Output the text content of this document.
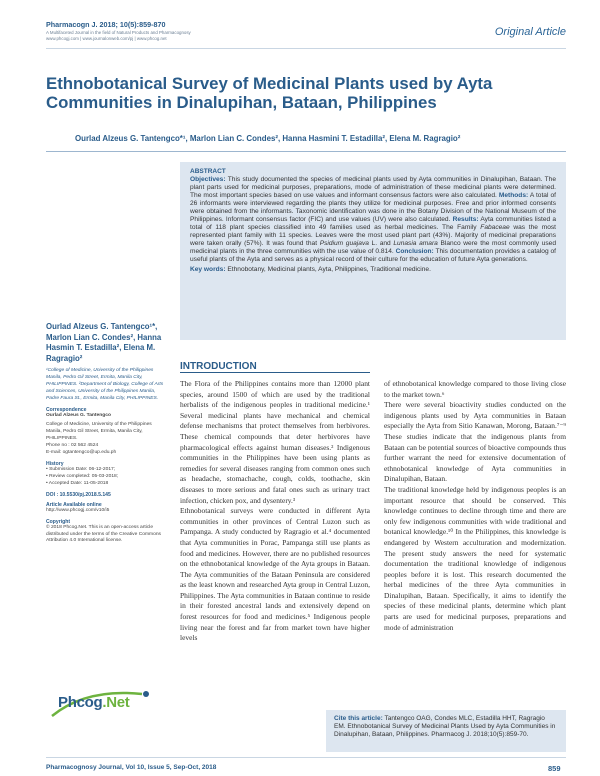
Pharmacogn J. 2018; 10(5):859-870
A Multifaceted Journal in the field of Natural Products and Pharmacognosy
www.phcogj.com | www.journalonweb.com/pj | www.phcog.net
Original Article
Ethnobotanical Survey of Medicinal Plants used by Ayta Communities in Dinalupihan, Bataan, Philippines
Ourlad Alzeus G. Tantengco*¹, Marlon Lian C. Condes², Hanna Hasmini T. Estadilla², Elena M. Ragragio²
ABSTRACT
Objectives: This study documented the species of medicinal plants used by Ayta communities in Dinalupihan, Bataan. The plant parts used for medicinal purposes, preparations, mode of administration of these medicinal plants were determined. The most important species based on use values and informant consensus factors were also calculated. Methods: A total of 26 informants were interviewed regarding the plants they utilize for medicinal purposes. Free and prior informed consents were obtained from the informants. Taxonomic identification was done in the Botany Division of the National Museum of the Philippines. Informant consensus factor (FIC) and use values (UV) were also calculated. Results: Ayta communities listed a total of 118 plant species classified into 49 families used as herbal medicines. The Family Fabaceae was the most represented plant family with 11 species. Leaves were the most used plant part (43%). Majority of medicinal preparations were taken orally (57%). It was found that Psidium guajava L. and Lunasia amara Blanco were the most commonly used medicinal plants in the three communities with the use value of 0.814. Conclusion: This documentation provides a catalog of useful plants of the Ayta and serves as a physical record of their culture for the education of future Ayta generations.
Key words: Ethnobotany, Medicinal plants, Ayta, Philippines, Traditional medicine.
Ourlad Alzeus G. Tantengco¹*, Marlon Lian C. Condes², Hanna Hasmin T. Estadilla², Elena M. Ragragio²
¹College of Medicine, University of the Philippines Manila, Pedro Gil Street, Ermita, Manila City, PHILIPPINES. ²Department of Biology, College of Arts and Sciences, University of the Philippines Manila, Padre Faura St., Ermita, Manila City, PHILIPPINES.
Correspondence
Ourlad Alzeus G. Tantengco
College of Medicine, University of the Philippines Manila, Pedro Gil Street, Ermita, Manila City, PHILIPPINES.
Phone no : 02 562 4524
E-mail: ogtantengco@up.edu.ph
History
• Submission Date: 06-12-2017;
• Review completed: 05-03-2018;
• Accepted Date: 11-05-2018
DOI : 10.5530/pj.2018.5.145
Article Available online
http://www.phcogj.com/v10/i5
Copyright
© 2018 Phcog.Net. This is an open-access article distributed under the terms of the Creative Commons Attribution 4.0 International license.
Phcog.Net
INTRODUCTION

The Flora of the Philippines contains more than 12000 plant species, around 1500 of which are used by the traditional herbalists of the indigenous peoples in traditional medicine.¹ Several medicinal plants have mechanical and chemical defense mechanisms that protect themselves from herbivores. These chemical compounds that deter herbivores have pharmacological effects against human diseases.² Indigenous communities in the Philippines have been using plants as remedies for several diseases ranging from common ones such as headache, stomachache, cough, colds, toothache, skin diseases to more serious and fatal ones such as urinary tract infection, chicken pox, and dysentery.³

Ethnobotanical surveys were conducted in different Ayta communities in other provinces of Central Luzon such as Pampanga. A study conducted by Ragragio et al.⁴ documented that Ayta communities in Porac, Pampanga still use plants as food and medicines. However, there are no published resources on the ethnobotanical knowledge of the Ayta groups in Bataan. The Ayta communities of the Bataan Peninsula are considered as the least known and researched Ayta group in Central Luzon, Philippines. The Ayta communities in Bataan continue to reside in their forested ancestral lands and extensively depend on forest resources for food and medicines.⁵ Indigenous people living near the forest and far from market town have higher levels

of ethnobotanical knowledge compared to those living close to the market town.⁶

There were several bioactivity studies conducted on the indigenous plants used by Ayta communities in Bataan especially the Ayta from Sitio Kanawan, Morong, Bataan.⁷⁻⁹ These studies indicate that the indigenous plants from Bataan can be potential sources of bioactive compounds thus further warrant the need for extensive documentation of ethnobotanical knowledge of Ayta communities in Dinalupihan, Bataan.

The traditional knowledge held by indigenous peoples is an important resource that should be conserved. This knowledge continues to decline through time and there are only few indigenous communities with wide traditional and botanical knowledge.¹⁰ In the Philippines, this knowledge is endangered by Western acculturation and modernization. The present study answers the need for systematic documentation the traditional knowledge of indigenous peoples before it is lost. This research documented the herbal medicines of the three Ayta communities in Dinalupihan, Bataan. Specifically, it aims to identify the species of these medicinal plants, determine which plant parts are used for medicinal purposes, preparations and mode of administration

Cite this article: Tantengco OAG, Condes MLC, Estadilla HHT, Ragragio EM. Ethnobotanical Survey of Medicinal Plants Used by Ayta Communities in Dinalupihan, Bataan, Philippines. Pharmacog J. 2018;10(5):859-70.
Pharmacognosy Journal, Vol 10, Issue 5, Sep-Oct, 2018	859
